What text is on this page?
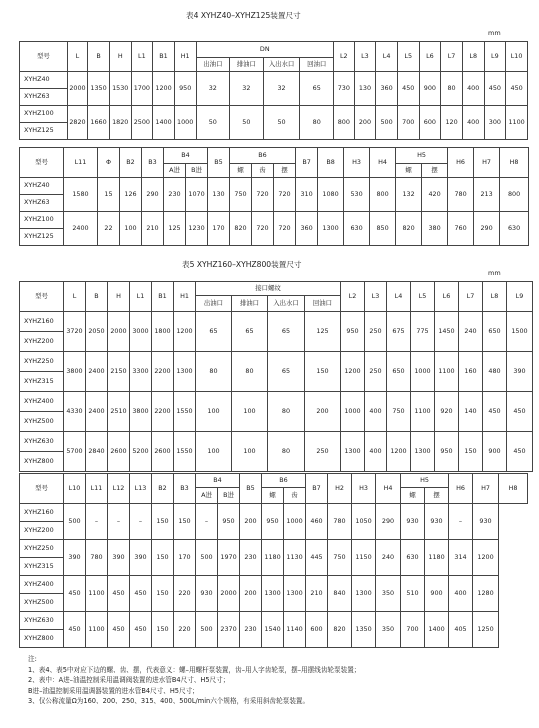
表4 XYHZ40–XYHZ125装置尺寸
mm
型号	L	B	H	L1	B1	H1	DN				L2	L3	L4	L5	L6	L7	L8	L9	L10
							出油口	排油口	入出水口	回油口									
XYHZ40	2000	1350	1530	1700	1200	950	32	32	32	65	730	130	360	450	900	80	400	450	450
XYHZ63																			
XYHZ100	2820	1660	1820	2500	1400	1000	50	50	50	80	800	200	500	700	600	120	400	300	1100
XYHZ125																			
型号	L11	Φ	B2	B3	B4		B5	B6			B7	B8	H3	H4	H5		H6	H7	H8
					A进	B进		螺	齿	摆					螺	摆			
XYHZ40	1580	15	126	290	230	1070	130	750	720	720	310	1080	530	800	132	420	780	213	800
XYHZ63																			
XYHZ100	2400	22	100	210	125	1230	170	820	720	720	360	1300	630	850	820	380	760	290	630
XYHZ125																			
表5 XYHZ160–XYHZ800装置尺寸
mm
型号	L	B	H	L1	B1	H1	接口螺纹				L2	L3	L4	L5	L6	L7	L8	L9
							出油口	排油口	入出水口	回油口								
XYHZ160	3720	2050	2000	3000	1800	1200	65	65	65	125	950	250	675	775	1450	240	650	1500
XYHZ200																		
XYHZ250	3800	2400	2150	3300	2200	1300	80	80	65	150	1200	250	650	1000	1100	160	480	390
XYHZ315																		
XYHZ400	4330	2400	2510	3800	2200	1550	100	100	80	200	1000	400	750	1100	920	140	450	450
XYHZ500																		
XYHZ630	5700	2840	2600	5200	2600	1550	100	100	80	250	1300	400	1200	1300	950	150	900	450
XYHZ800																		
型号	L10	L11	L12	L13	B2	B3	B4		B5	B6		B7	H2	H3	H4	H5		H6	H7	H8
							A进	B进		螺	齿					螺	摆			
XYHZ160	500	–	–	–	150	150	–	950	200	950	1000	460	780	1050	290	930	930	–	930	
XYHZ200																				
XYHZ250	390	780	390	390	150	170	500	1970	230	1180	1130	445	750	1150	240	630	1180	314	1200	
XYHZ315																				
XYHZ400	450	1100	450	450	150	220	930	2000	200	1300	1300	210	840	1300	350	510	900	400	1280	
XYHZ500																				
XYHZ630	450	1100	450	450	150	220	500	2370	230	1540	1140	600	820	1350	350	700	1400	405	1250	
XYHZ800																				
注:
1、表4、表5中对应下边的螺、齿、摆，代表意义：螺–用螺杆泵装置，齿–用人字齿轮泵，摆–用摆线齿轮泵装置；
2、表中：A进–油温控制采用温调阀装置的进水管B4尺寸、H5尺寸；
B进–油温控制采用温调器装置的进水管B4尺寸、H5尺寸；
3、仅公称流量Ω为160、200、250、315、400、500L/min六个规格，有采用斜齿轮泵装置。
